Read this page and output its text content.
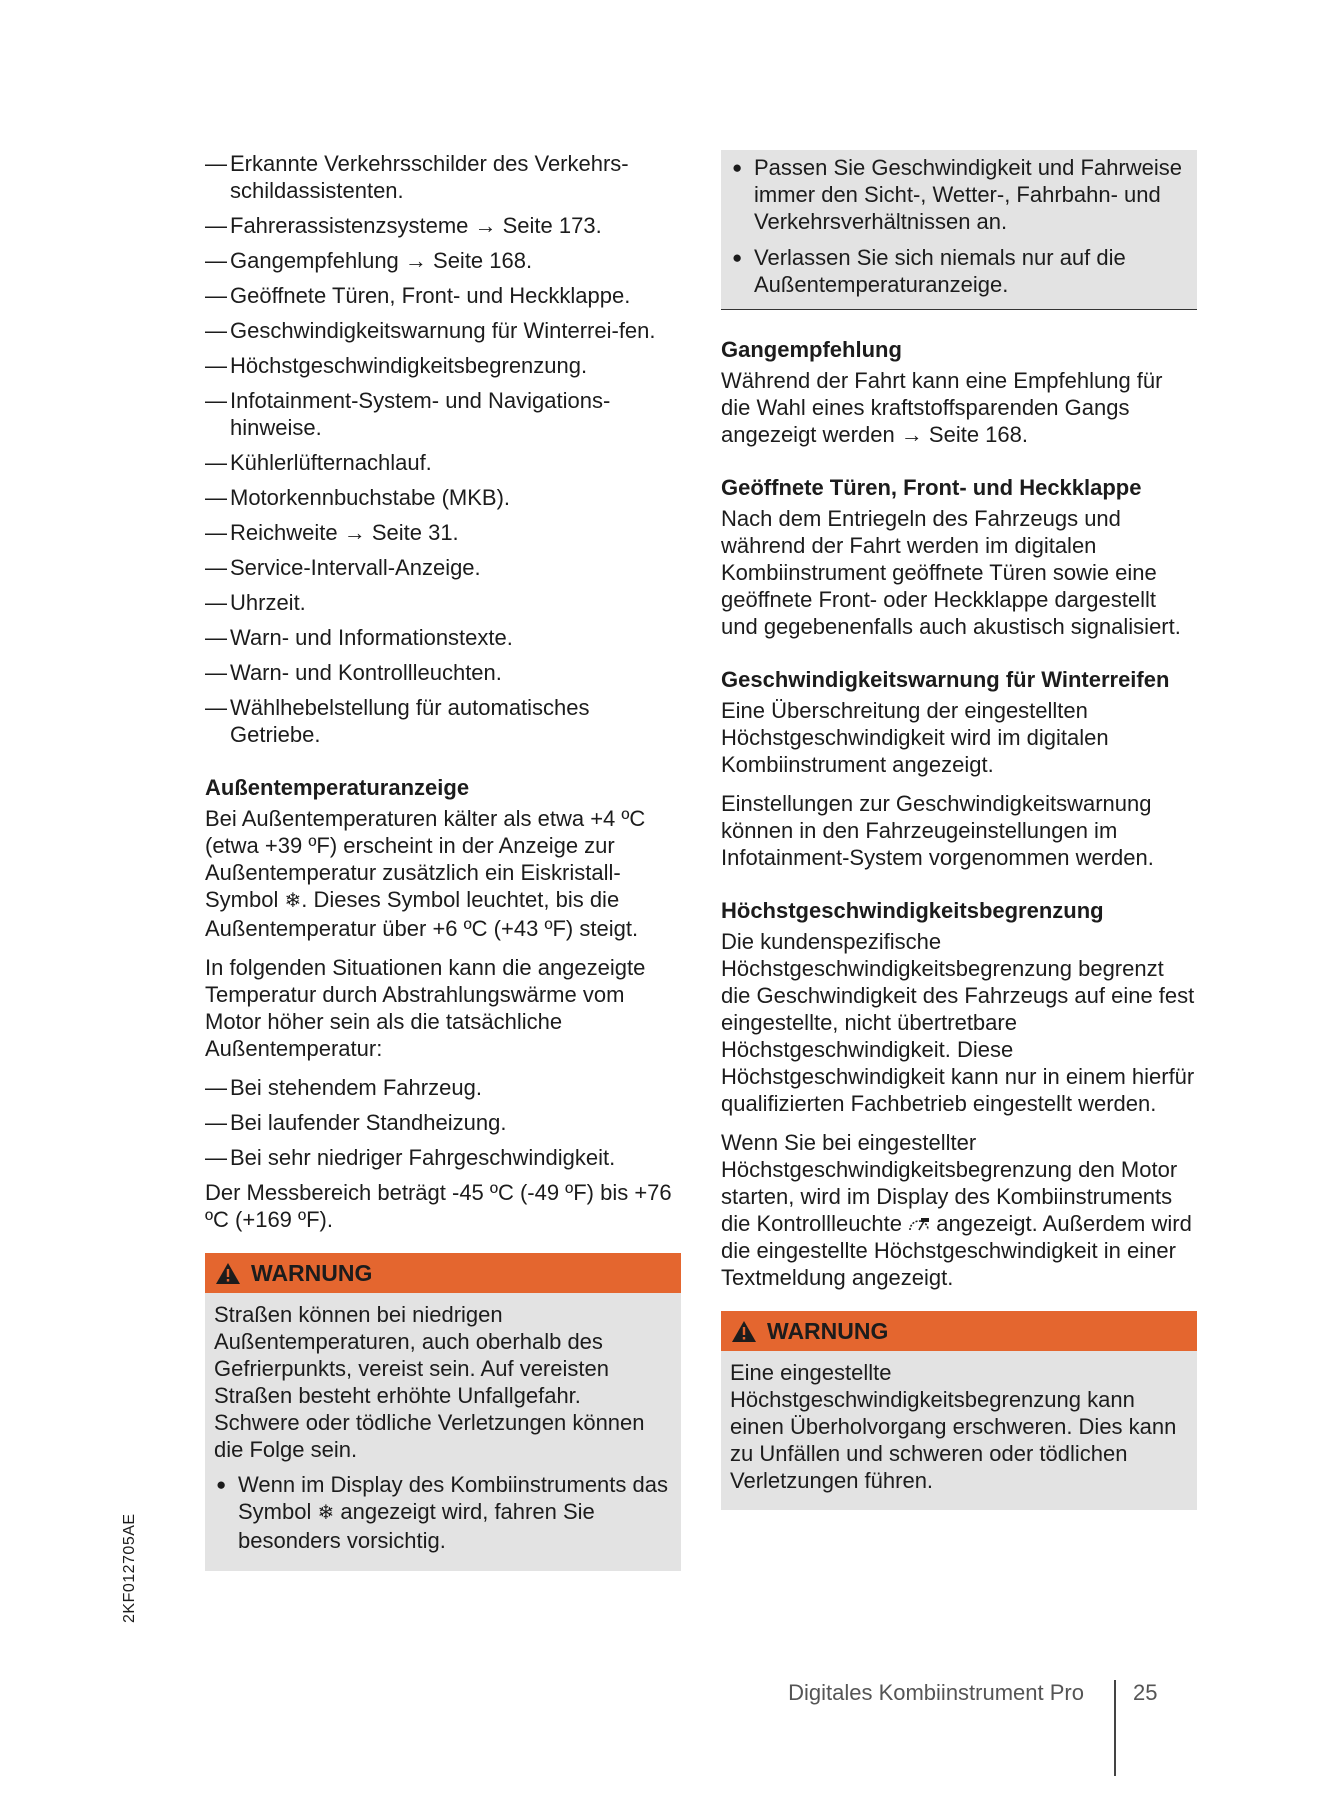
— Erkannte Verkehrsschilder des Verkehrs-schildassistenten.
— Fahrerassistenzsysteme → Seite 173.
— Gangempfehlung → Seite 168.
— Geöffnete Türen, Front- und Heckklappe.
— Geschwindigkeitswarnung für Winterrei-fen.
— Höchstgeschwindigkeitsbegrenzung.
— Infotainment-System- und Navigations-hinweise.
— Kühlerlüfternachlauf.
— Motorkennbuchstabe (MKB).
— Reichweite → Seite 31.
— Service-Intervall-Anzeige.
— Uhrzeit.
— Warn- und Informationstexte.
— Warn- und Kontrollleuchten.
— Wählhebelstellung für automatisches Getriebe.
Außentemperaturanzeige

Bei Außentemperaturen kälter als etwa +4 ºC (etwa +39 ºF) erscheint in der Anzeige zur Außentemperatur zusätzlich ein Eiskristall-Symbol ❄. Dieses Symbol leuchtet, bis die Außentemperatur über +6 ºC (+43 ºF) steigt.

In folgenden Situationen kann die angezeigte Temperatur durch Abstrahlungswärme vom Motor höher sein als die tatsächliche Außentemperatur:

— Bei stehendem Fahrzeug.
— Bei laufender Standheizung.
— Bei sehr niedriger Fahrgeschwindigkeit.

Der Messbereich beträgt -45 ºC (-49 ºF) bis +76 ºC (+169 ºF).

WARNUNG

Straßen können bei niedrigen Außentemperaturen, auch oberhalb des Gefrierpunkts, vereist sein. Auf vereisten Straßen besteht erhöhte Unfallgefahr. Schwere oder tödliche Verletzungen können die Folge sein.

● Wenn im Display des Kombiinstruments das Symbol ❄ angezeigt wird, fahren Sie besonders vorsichtig.
● Passen Sie Geschwindigkeit und Fahrweise immer den Sicht-, Wetter-, Fahrbahn- und Verkehrsverhältnissen an.
● Verlassen Sie sich niemals nur auf die Außentemperaturanzeige.
Gangempfehlung

Während der Fahrt kann eine Empfehlung für die Wahl eines kraftstoffsparenden Gangs angezeigt werden → Seite 168.

Geöffnete Türen, Front- und Heckklappe

Nach dem Entriegeln des Fahrzeugs und während der Fahrt werden im digitalen Kombiinstrument geöffnete Türen sowie eine geöffnete Front- oder Heckklappe dargestellt und gegebenenfalls auch akustisch signalisiert.

Geschwindigkeitswarnung für Winterreifen

Eine Überschreitung der eingestellten Höchstgeschwindigkeit wird im digitalen Kombiinstrument angezeigt.

Einstellungen zur Geschwindigkeitswarnung können in den Fahrzeugeinstellungen im Infotainment-System vorgenommen werden.

Höchstgeschwindigkeitsbegrenzung

Die kundenspezifische Höchstgeschwindigkeitsbegrenzung begrenzt die Geschwindigkeit des Fahrzeugs auf eine fest eingestellte, nicht übertretbare Höchstgeschwindigkeit. Diese Höchstgeschwindigkeit kann nur in einem hierfür qualifizierten Fachbetrieb eingestellt werden.

Wenn Sie bei eingestellter Höchstgeschwindigkeitsbegrenzung den Motor starten, wird im Display des Kombiinstruments die Kontrollleuchte  angezeigt. Außerdem wird die eingestellte Höchstgeschwindigkeit in einer Textmeldung angezeigt.

WARNUNG

Eine eingestellte Höchstgeschwindigkeitsbegrenzung kann einen Überholvorgang erschweren. Dies kann zu Unfällen und schweren oder tödlichen Verletzungen führen.

2KF012705AE
Digitales Kombiinstrument Pro 25
